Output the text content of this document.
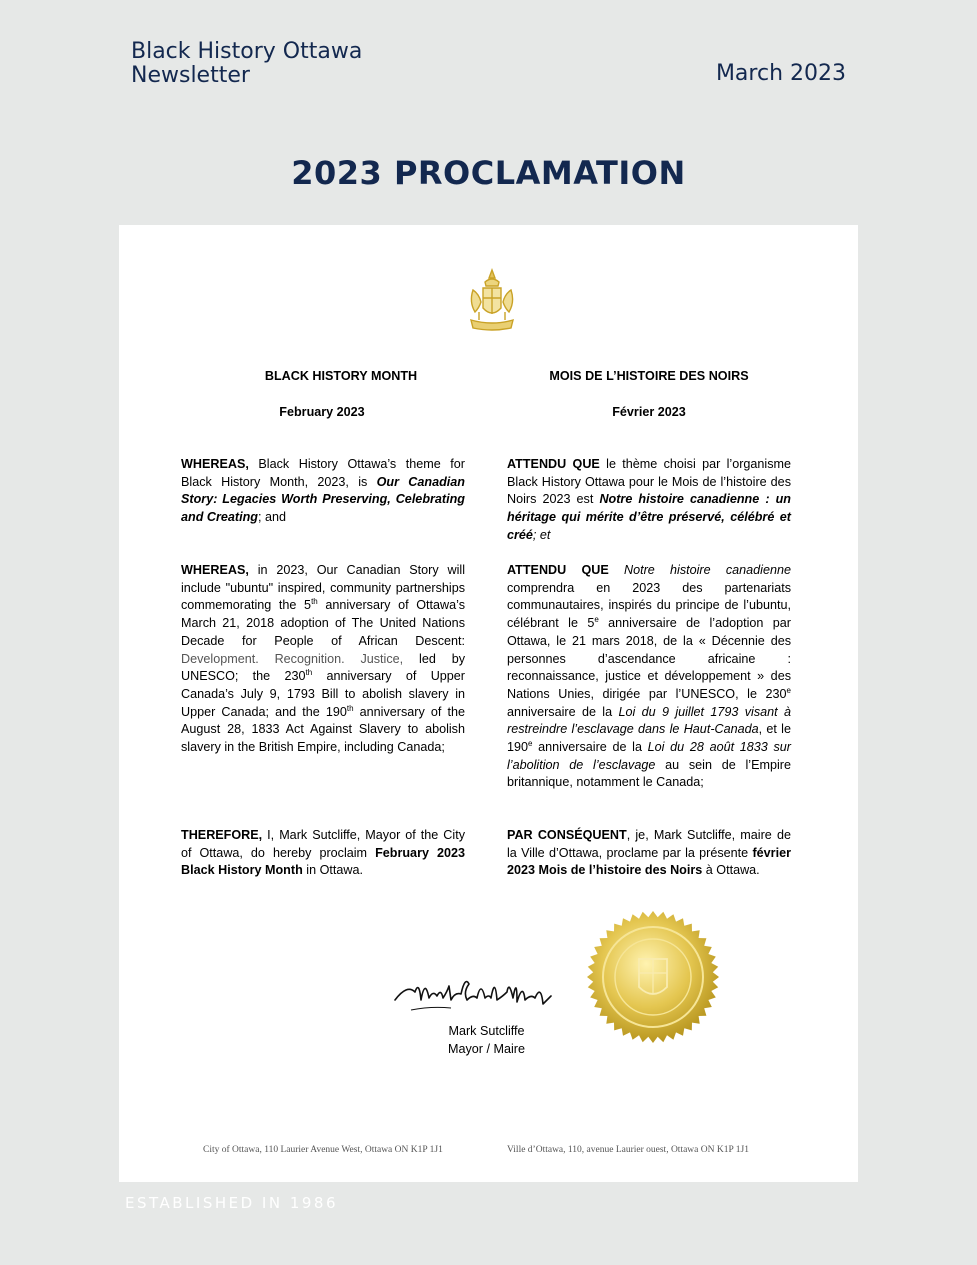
Black History Ottawa
Newsletter	March 2023
2023 PROCLAMATION
BLACK HISTORY MONTH
February 2023

WHEREAS, Black History Ottawa’s theme for Black History Month, 2023, is Our Canadian Story: Legacies Worth Preserving, Celebrating and Creating; and

WHEREAS, in 2023, Our Canadian Story will include "ubuntu" inspired, community partnerships commemorating the 5th anniversary of Ottawa’s March 21, 2018 adoption of The United Nations Decade for People of African Descent: Development. Recognition. Justice, led by UNESCO; the 230th anniversary of Upper Canada’s July 9, 1793 Bill to abolish slavery in Upper Canada; and the 190th anniversary of the August 28, 1833 Act Against Slavery to abolish slavery in the British Empire, including Canada;

THEREFORE, I, Mark Sutcliffe, Mayor of the City of Ottawa, do hereby proclaim February 2023 Black History Month in Ottawa.

MOIS DE L’HISTOIRE DES NOIRS
Février 2023

ATTENDU QUE le thème choisi par l’organisme Black History Ottawa pour le Mois de l’histoire des Noirs 2023 est Notre histoire canadienne : un héritage qui mérite d’être préservé, célébré et créé; et

ATTENDU QUE Notre histoire canadienne comprendra en 2023 des partenariats communautaires, inspirés du principe de l’ubuntu, célébrant le 5e anniversaire de l’adoption par Ottawa, le 21 mars 2018, de la « Décennie des personnes d’ascendance africaine : reconnaissance, justice et développement » des Nations Unies, dirigée par l’UNESCO, le 230e anniversaire de la Loi du 9 juillet 1793 visant à restreindre l’esclavage dans le Haut-Canada, et le 190e anniversaire de la Loi du 28 août 1833 sur l’abolition de l’esclavage au sein de l’Empire britannique, notamment le Canada;

PAR CONSÉQUENT, je, Mark Sutcliffe, maire de la Ville d’Ottawa, proclame par la présente février 2023 Mois de l’histoire des Noirs à Ottawa.

Mark Sutcliffe
Mayor / Maire
City of Ottawa, 110 Laurier Avenue West, Ottawa ON K1P 1J1	Ville d’Ottawa, 110, avenue Laurier ouest, Ottawa ON K1P 1J1
ESTABLISHED IN 1986
